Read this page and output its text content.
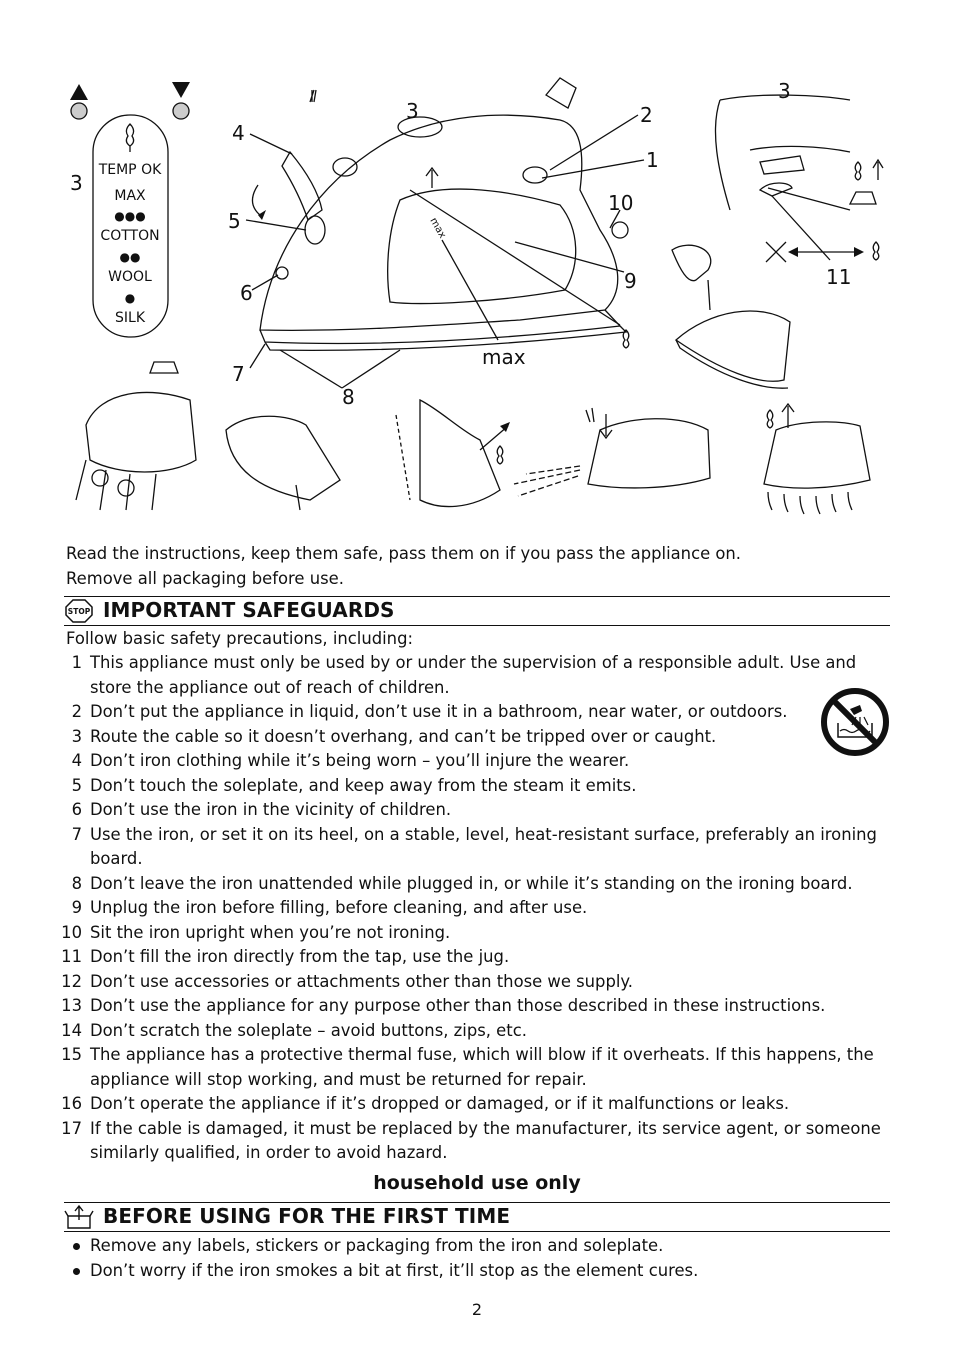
TEMP OK
MAX
●●●
COTTON
●●
WOOL
●
SILK
3
max
4
5
6
7
8
3	2
1
10
9
max
3
11

Read the instructions, keep them safe, pass them on if you pass the appliance on.

Remove all packaging before use.

STOP IMPORTANT SAFEGUARDS

Follow basic safety precautions, including:

1 This appliance must only be used by or under the supervision of a responsible adult. Use and store the appliance out of reach of children.
2 Don’t put the appliance in liquid, don’t use it in a bathroom, near water, or outdoors.
3 Route the cable so it doesn’t overhang, and can’t be tripped over or caught.
4 Don’t iron clothing while it’s being worn – you’ll injure the wearer.
5 Don’t touch the soleplate, and keep away from the steam it emits.
6 Don’t use the iron in the vicinity of children.
7 Use the iron, or set it on its heel, on a stable, level, heat-resistant surface, preferably an ironing board.
8 Don’t leave the iron unattended while plugged in, or while it’s standing on the ironing board.
9 Unplug the iron before filling, before cleaning, and after use.
10 Sit the iron upright when you’re not ironing.
11 Don’t fill the iron directly from the tap, use the jug.
12 Don’t use accessories or attachments other than those we supply.
13 Don’t use the appliance for any purpose other than those described in these instructions.
14 Don’t scratch the soleplate – avoid buttons, zips, etc.
15 The appliance has a protective thermal fuse, which will blow if it overheats. If this happens, the appliance will stop working, and must be returned for repair.
16 Don’t operate the appliance if it’s dropped or damaged, or if it malfunctions or leaks.
17 If the cable is damaged, it must be replaced by the manufacturer, its service agent, or someone similarly qualified, in order to avoid hazard.
household use only
BEFORE USING FOR THE FIRST TIME
Remove any labels, stickers or packaging from the iron and soleplate.
Don’t worry if the iron smokes a bit at first, it’ll stop as the element cures.
2
